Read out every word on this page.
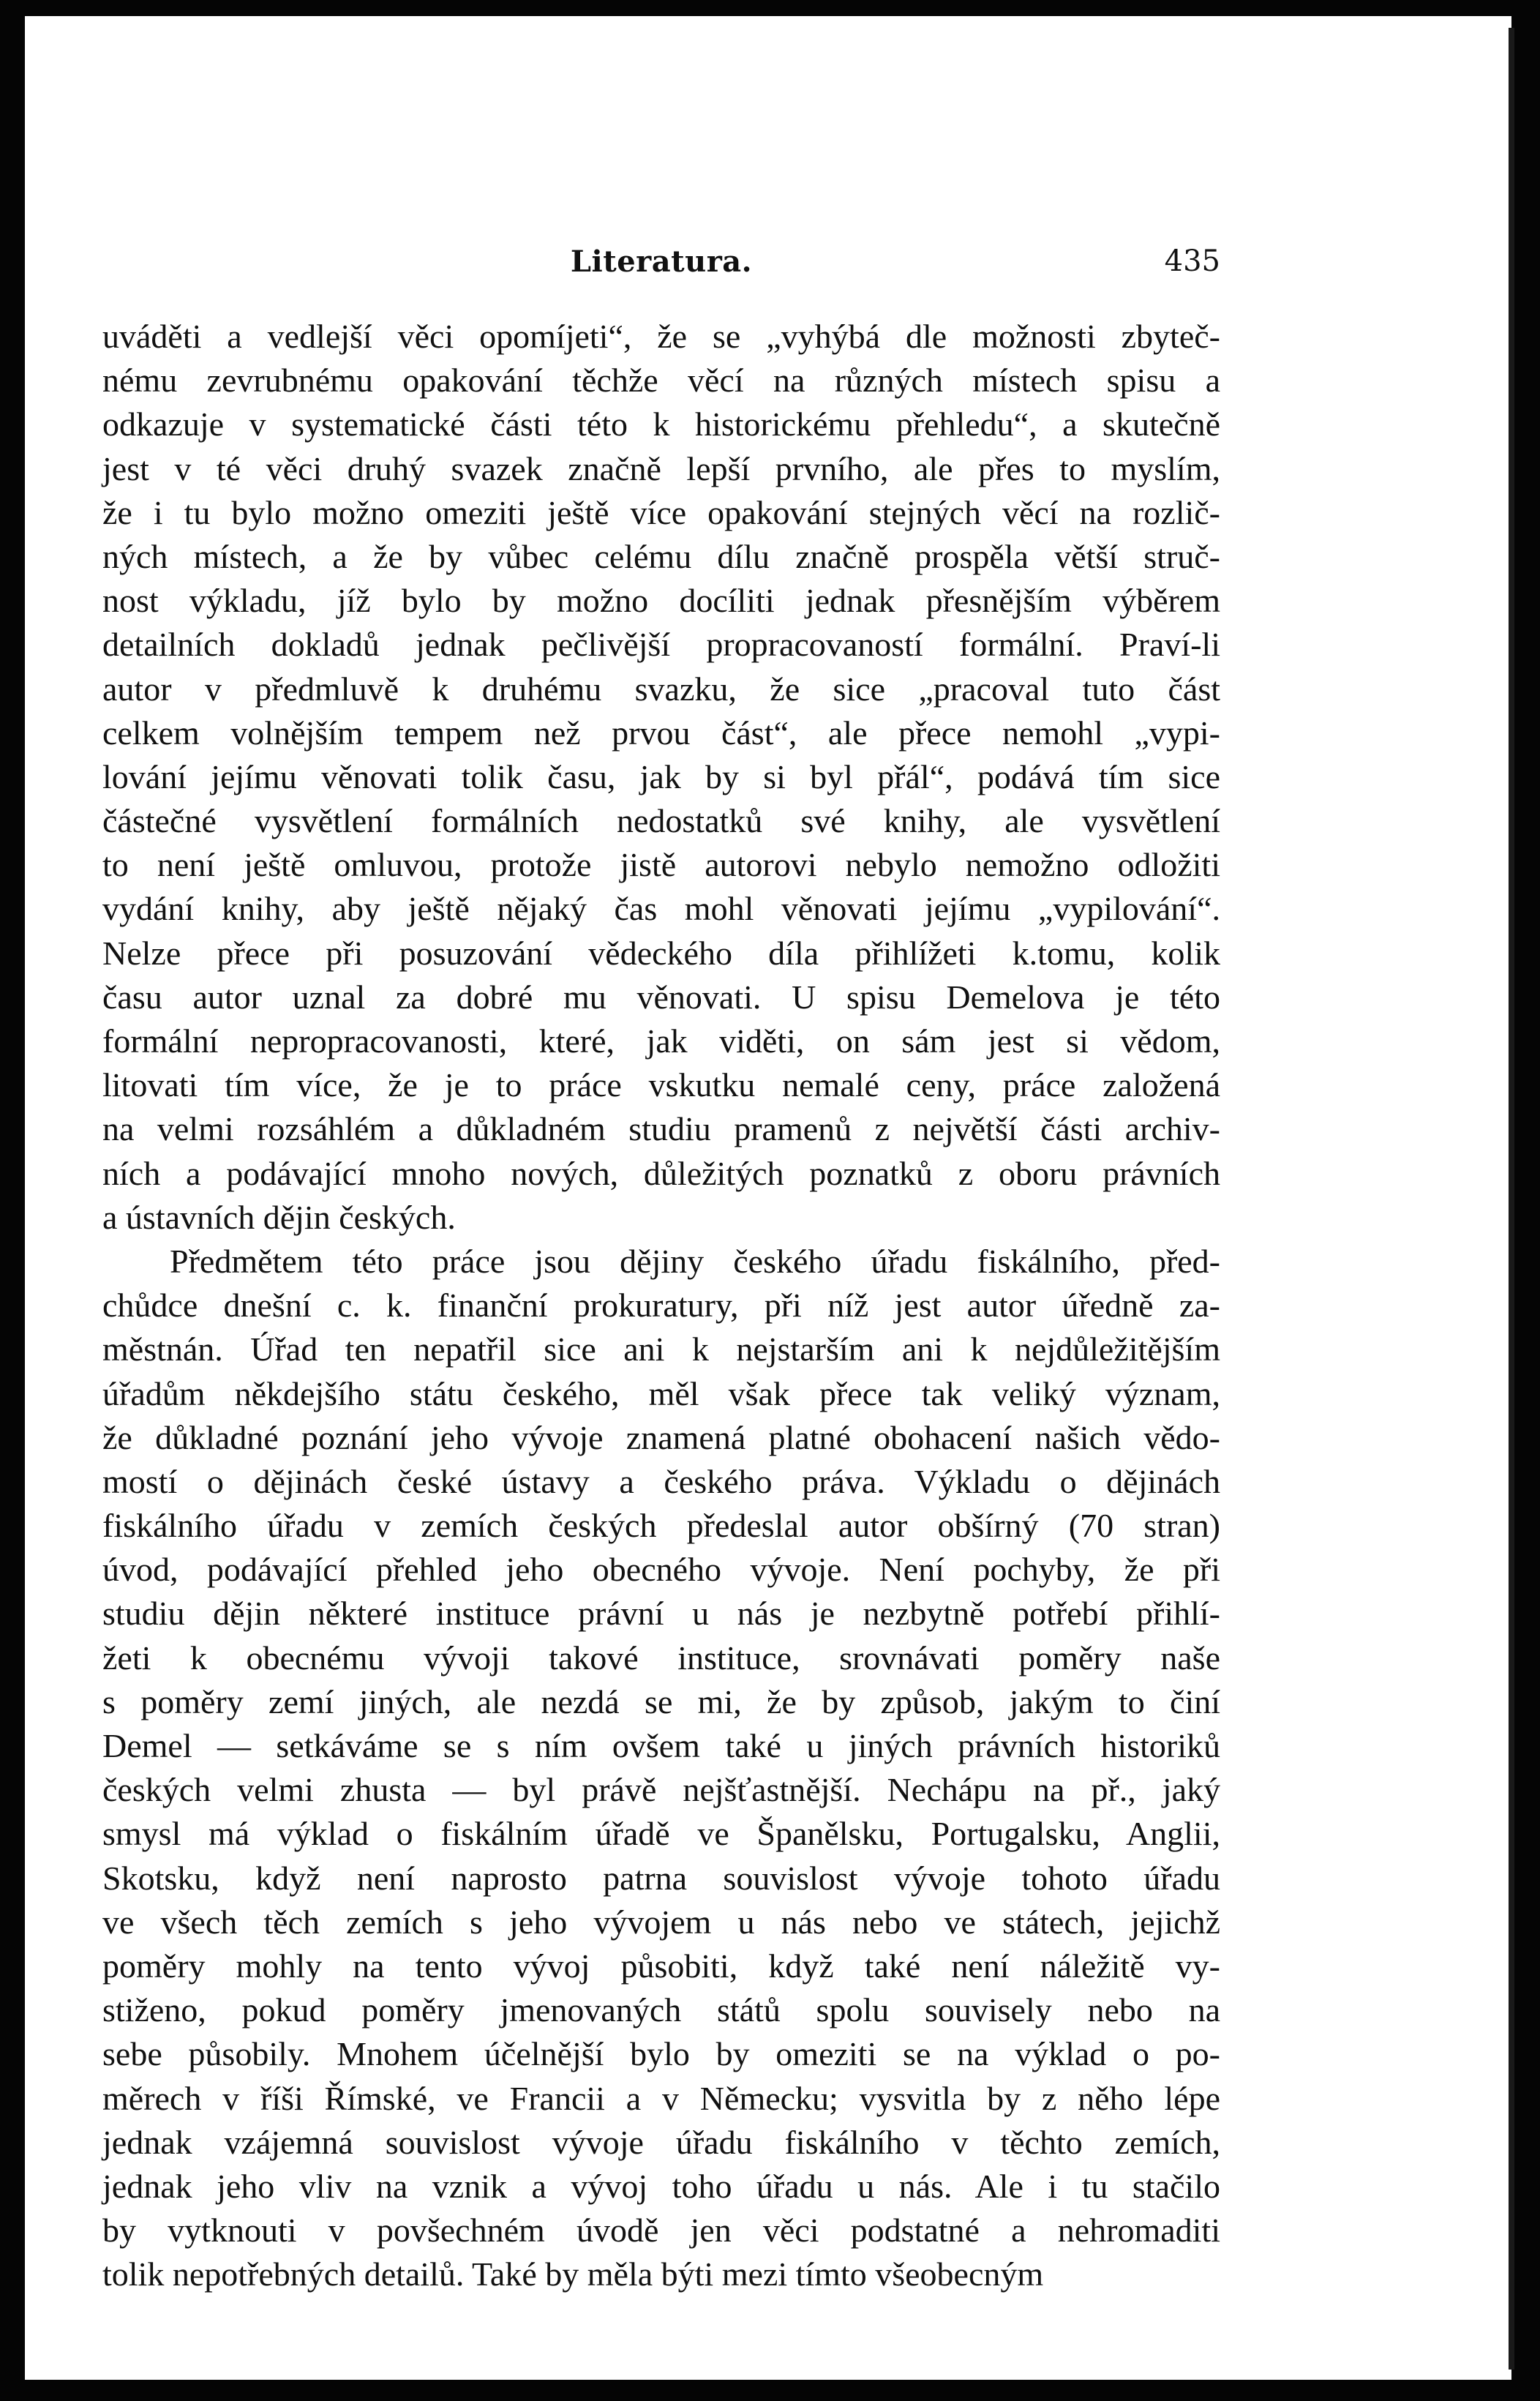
Literatura.	435
uváděti a vedlejší věci opomíjeti“, že se „vyhýbá dle možnosti zbyteč-
nému zevrubnému opakování těchže věcí na různých místech spisu a
odkazuje v systematické části této k historickému přehledu“, a skutečně
jest v té věci druhý svazek značně lepší prvního, ale přes to myslím,
že i tu bylo možno omeziti ještě více opakování stejných věcí na rozlič-
ných místech, a že by vůbec celému dílu značně prospěla větší struč-
nost výkladu, jíž bylo by možno docíliti jednak přesnějším výběrem
detailních dokladů jednak pečlivější propracovaností formální. Praví-li
autor v předmluvě k druhému svazku, že sice „pracoval tuto část
celkem volnějším tempem než prvou část“, ale přece nemohl „vypi-
lování jejímu věnovati tolik času, jak by si byl přál“, podává tím sice
částečné vysvětlení formálních nedostatků své knihy, ale vysvětlení
to není ještě omluvou, protože jistě autorovi nebylo nemožno odložiti
vydání knihy, aby ještě nějaký čas mohl věnovati jejímu „vypilování“.
Nelze přece při posuzování vědeckého díla přihlížeti k.tomu, kolik
času autor uznal za dobré mu věnovati. U spisu Demelova je této
formální nepropracovanosti, které, jak viděti, on sám jest si vědom,
litovati tím více, že je to práce vskutku nemalé ceny, práce založená
na velmi rozsáhlém a důkladném studiu pramenů z největší části archiv-
ních a podávající mnoho nových, důležitých poznatků z oboru právních
a ústavních dějin českých.
Předmětem této práce jsou dějiny českého úřadu fiskálního, před-
chůdce dnešní c. k. finanční prokuratury, při níž jest autor úředně za-
městnán. Úřad ten nepatřil sice ani k nejstarším ani k nejdůležitějším
úřadům někdejšího státu českého, měl však přece tak veliký význam,
že důkladné poznání jeho vývoje znamená platné obohacení našich vědo-
mostí o dějinách české ústavy a českého práva. Výkladu o dějinách
fiskálního úřadu v zemích českých předeslal autor obšírný (70 stran)
úvod, podávající přehled jeho obecného vývoje. Není pochyby, že při
studiu dějin některé instituce právní u nás je nezbytně potřebí přihlí-
žeti k obecnému vývoji takové instituce, srovnávati poměry naše
s poměry zemí jiných, ale nezdá se mi, že by způsob, jakým to činí
Demel — setkáváme se s ním ovšem také u jiných právních historiků
českých velmi zhusta — byl právě nejšťastnější. Nechápu na př., jaký
smysl má výklad o fiskálním úřadě ve Španělsku, Portugalsku, Anglii,
Skotsku, když není naprosto patrna souvislost vývoje tohoto úřadu
ve všech těch zemích s jeho vývojem u nás nebo ve státech, jejichž
poměry mohly na tento vývoj působiti, když také není náležitě vy-
stiženo, pokud poměry jmenovaných států spolu souvisely nebo na
sebe působily. Mnohem účelnější bylo by omeziti se na výklad o po-
měrech v říši Římské, ve Francii a v Německu; vysvitla by z něho lépe
jednak vzájemná souvislost vývoje úřadu fiskálního v těchto zemích,
jednak jeho vliv na vznik a vývoj toho úřadu u nás. Ale i tu stačilo
by vytknouti v povšechném úvodě jen věci podstatné a nehromaditi
tolik nepotřebných detailů. Také by měla býti mezi tímto všeobecným
